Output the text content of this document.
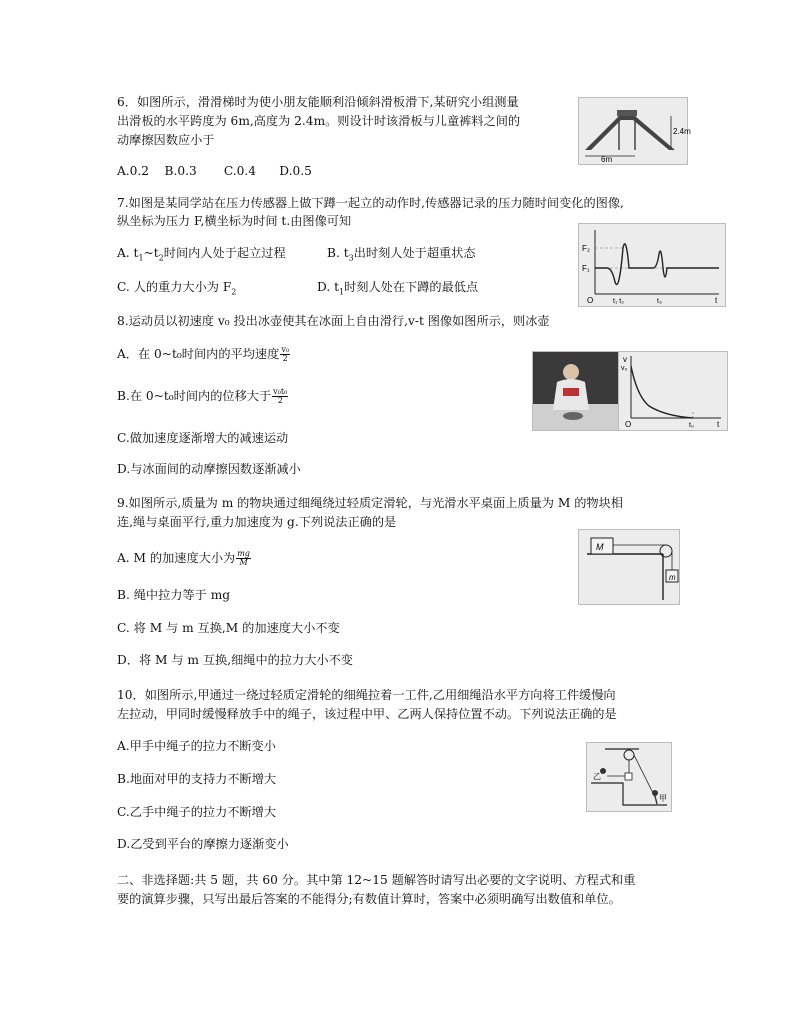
6．如图所示，滑滑梯时为使小朋友能顺利沿倾斜滑板滑下,某研究小组测量
出滑板的水平跨度为 6m,高度为 2.4m。则设计时该滑板与儿童裤料之间的
动摩擦因数应小于
A.0.2    B.0.3       C.0.4      D.0.5
2.4m
6m
7.如图是某同学站在压力传感器上做下蹲一起立的动作时,传感器记录的压力随时间变化的图像,
纵坐标为压力 F,横坐标为时间 t.由图像可知
A. $t_1\sim t_2$时间内人处于起立过程	B. $t_3$出时刻人处于超重状态
C. 人的重力大小为 $F_2$	D. $t_1$时刻人处在下蹲的最低点
F₂
F₁
O	t₁ t₂	t₃	t
8.运动员以初速度 v₀ 投出冰壶使其在冰面上自由滑行,v-t 图像如图所示，则冰壶
A．在 0~t₀时间内的平均速度 $\frac{\text{v₀}}{2}$
B.在 0~t₀时间内的位移大于 $\frac{\text{v₀t₀}}{2}$
C.做加速度逐渐增大的减速运动
D.与冰面间的动摩擦因数逐渐减小
v
v₀
O	t₀	t
9.如图所示,质量为 m 的物块通过细绳绕过轻质定滑轮，与光滑水平桌面上质量为 M 的物块相
连,绳与桌面平行,重力加速度为 g.下列说法正确的是
A. M 的加速度大小为 $\frac{mg}{M}$
B. 绳中拉力等于 mg
C. 将 M 与 m 互换,M 的加速度大小不变
D．将 M 与 m 互换,细绳中的拉力大小不变
M
m
10．如图所示,甲通过一绕过轻质定滑轮的细绳拉着一工件,乙用细绳沿水平方向将工件缓慢向
左拉动，甲同时缓慢释放手中的绳子，该过程中甲、乙两人保持位置不动。下列说法正确的是
A.甲手中绳子的拉力不断变小
B.地面对甲的支持力不断增大
C.乙手中绳子的拉力不断增大
D.乙受到平台的摩擦力逐渐变小
乙
甲
二、非选择题:共 5 题，共 60 分。其中第 12~15 题解答时请写出必要的文字说明、方程式和重
要的演算步骤，只写出最后答案的不能得分;有数值计算时，答案中必须明确写出数值和单位。
